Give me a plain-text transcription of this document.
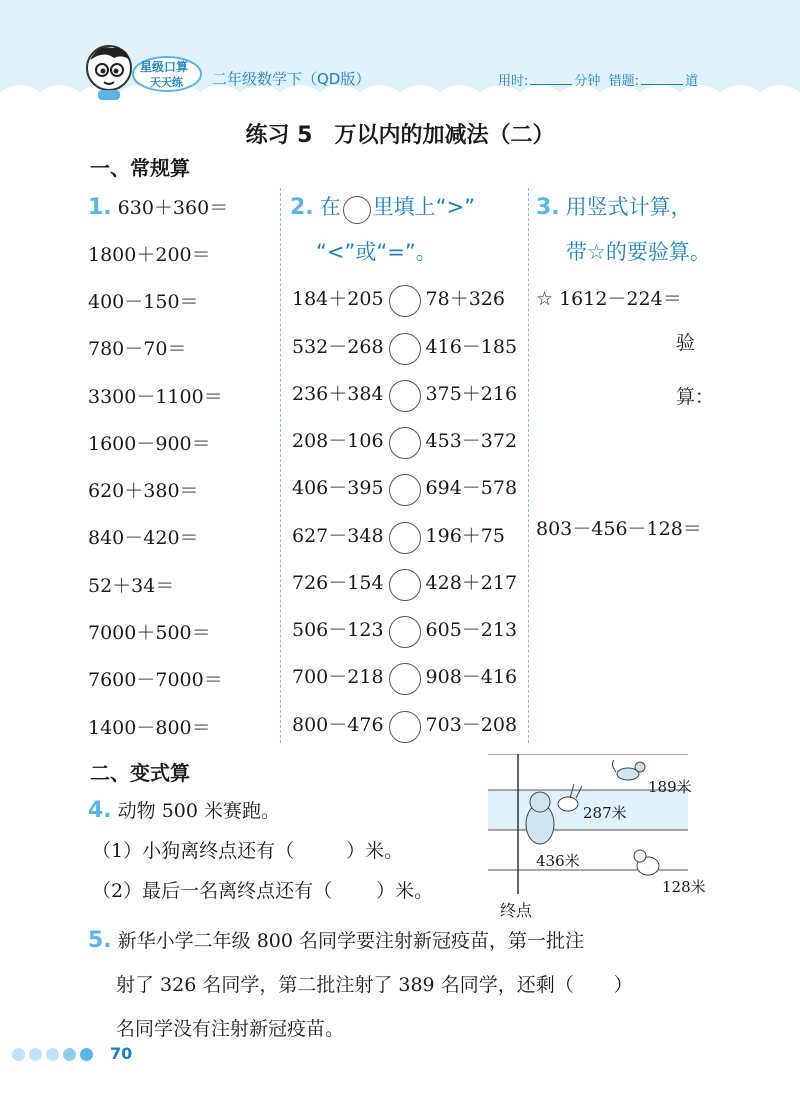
星级口算
天天练 二年级数学下（QD版）	用时:	分钟 错题:	道
练习 5　万以内的加减法（二）
一、常规算
1. 630＋360＝
1800＋200＝
400－150＝
780－70＝
3300－1100＝
1600－900＝
620＋380＝
840－420＝
52＋34＝
7000＋500＝
7600－7000＝
1400－800＝
2. 在 里填上“>”
“<”或“=”。
184＋205 78＋326
532－268 416－185
236＋384 375＋216
208－106 453－372
406－395 694－578
627－348 196＋75
726－154 428＋217
506－123 605－213
700－218 908－416
800－476 703－208
3. 用竖式计算，
带☆的要验算。
☆ 1612－224＝
验
算：
803－456－128＝
二、变式算
4. 动物 500 米赛跑。
（1）小狗离终点还有（	）米。
（2）最后一名离终点还有（ ）米。
189米
287米
436米
128米
终点
5. 新华小学二年级 800 名同学要注射新冠疫苗，第一批注
射了 326 名同学，第二批注射了 389 名同学，还剩（ ）
名同学没有注射新冠疫苗。
70
